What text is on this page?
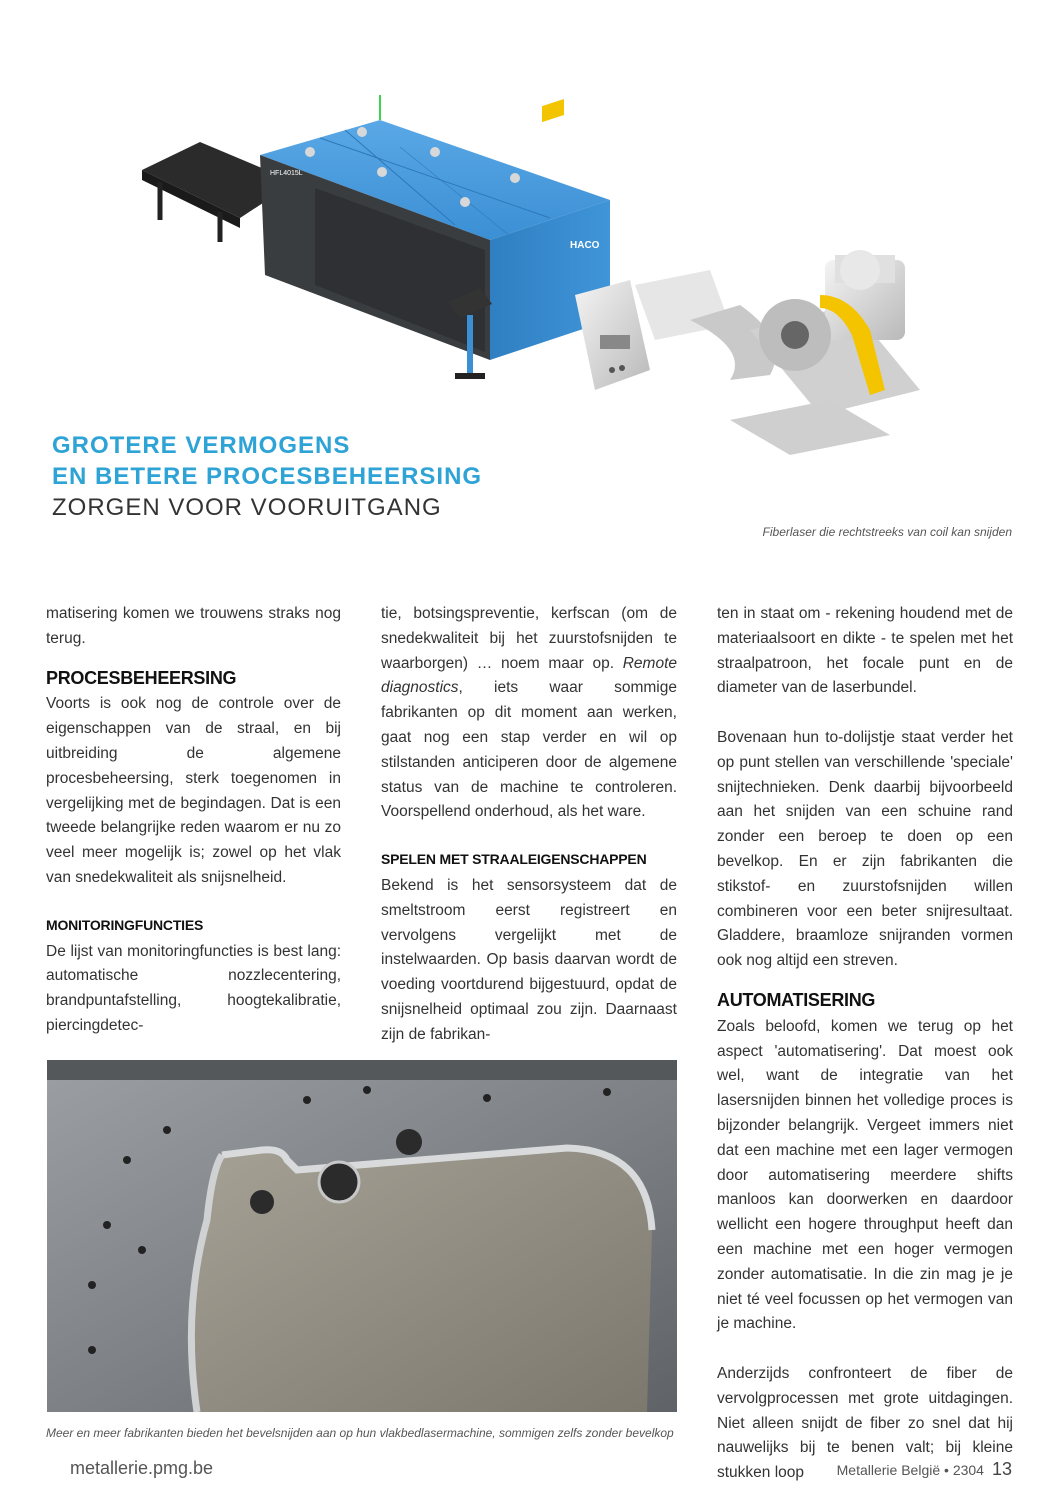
HACO
HFL4015L
GROTERE VERMOGENS
EN BETERE PROCESBEHEERSING
ZORGEN VOOR VOORUITGANG
Fiberlaser die rechtstreeks van coil kan snijden

matisering komen we trouwens straks nog terug.

PROCESBEHEERSING

Voorts is ook nog de controle over de eigenschappen van de straal, en bij uitbreiding de algemene procesbeheersing, sterk toegenomen in vergelijking met de begindagen. Dat is een tweede belangrijke reden waarom er nu zo veel meer mogelijk is; zowel op het vlak van snedekwaliteit als snijsnelheid.

MONITORINGFUNCTIES

De lijst van monitoringfuncties is best lang: automatische nozzlecentering, brandpuntafstelling, hoogtekalibratie, piercingdetec-

tie, botsingspreventie, kerfscan (om de snedekwaliteit bij het zuurstofsnijden te waarborgen) … noem maar op. Remote diagnostics, iets waar sommige fabrikanten op dit moment aan werken, gaat nog een stap verder en wil op stilstanden anticiperen door de algemene status van de machine te controleren. Voorspellend onderhoud, als het ware.

SPELEN MET STRAALEIGENSCHAPPEN

Bekend is het sensorsysteem dat de smeltstroom eerst registreert en vervolgens vergelijkt met de instelwaarden. Op basis daarvan wordt de voeding voortdurend bijgestuurd, opdat de snijsnelheid optimaal zou zijn. Daarnaast zijn de fabrikan-

ten in staat om - rekening houdend met de materiaalsoort en dikte - te spelen met het straalpatroon, het focale punt en de diameter van de laserbundel.

Bovenaan hun to-dolijstje staat verder het op punt stellen van verschillende 'speciale' snijtechnieken. Denk daarbij bijvoorbeeld aan het snijden van een schuine rand zonder een beroep te doen op een bevelkop. En er zijn fabrikanten die stikstof- en zuurstofsnijden willen combineren voor een beter snijresultaat. Gladdere, braamloze snijranden vormen ook nog altijd een streven.

AUTOMATISERING

Zoals beloofd, komen we terug op het aspect 'automatisering'. Dat moest ook wel, want de integratie van het lasersnijden binnen het volledige proces is bijzonder belangrijk. Vergeet immers niet dat een machine met een lager vermogen door automatisering meerdere shifts manloos kan doorwerken en daardoor wellicht een hogere throughput heeft dan een machine met een hoger vermogen zonder automatisatie. In die zin mag je je niet té veel focussen op het vermogen van je machine.

Anderzijds confronteert de fiber de vervolgprocessen met grote uitdagingen. Niet alleen snijdt de fiber zo snel dat hij nauwelijks bij te benen valt; bij kleine stukken loop

Meer en meer fabrikanten bieden het bevelsnijden aan op hun vlakbedlasermachine, sommigen zelfs zonder bevelkop
metallerie.pmg.be	Metallerie België • 2304 13
